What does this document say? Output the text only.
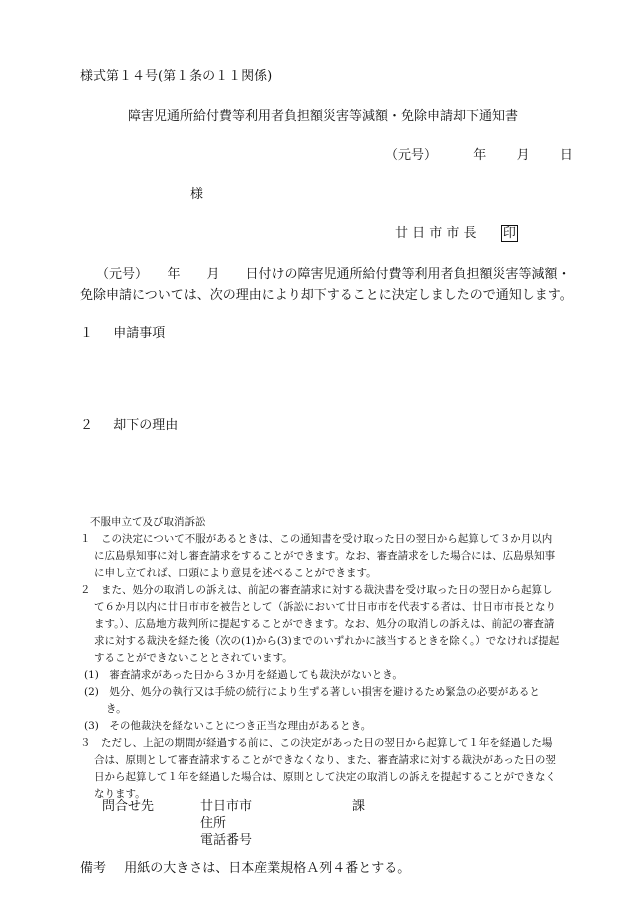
様式第１４号(第１条の１１関係)
障害児通所給付費等利用者負担額災害等減額・免除申請却下通知書
（元号）	年 月 日
様
廿 日 市 市 長 印
（元号）　　年　　月　　日付けの障害児通所給付費等利用者負担額災害等減額・
免除申請については、次の理由により却下することに決定しましたので通知します。
１ 申請事項
２ 却下の理由
不服申立て及び取消訴訟
１　この決定について不服があるときは、この通知書を受け取った日の翌日から起算して３か月以内に広島県知事に対し審査請求をすることができます。なお、審査請求をした場合には、広島県知事に申し立てれば、口頭により意見を述べることができます。
２　また、処分の取消しの訴えは、前記の審査請求に対する裁決書を受け取った日の翌日から起算して６か月以内に廿日市市を被告として（訴訟において廿日市市を代表する者は、廿日市市長となります。）、広島地方裁判所に提起することができます。なお、処分の取消しの訴えは、前記の審査請求に対する裁決を経た後（次の(1)から(3)までのいずれかに該当するときを除く。）でなければ提起することができないこととされています。
(1)　審査請求があった日から３か月を経過しても裁決がないとき。
(2)　処分、処分の執行又は手続の続行により生ずる著しい損害を避けるため緊急の必要があるとき。
(3)　その他裁決を経ないことにつき正当な理由があるとき。
３　ただし、上記の期間が経過する前に、この決定があった日の翌日から起算して１年を経過した場合は、原則として審査請求することができなくなり、また、審査請求に対する裁決があった日の翌日から起算して１年を経過した場合は、原則として決定の取消しの訴えを提起することができなくなります。
問合せ先	廿日市市	課
住所
電話番号
備考 用紙の大きさは、日本産業規格Ａ列４番とする。
